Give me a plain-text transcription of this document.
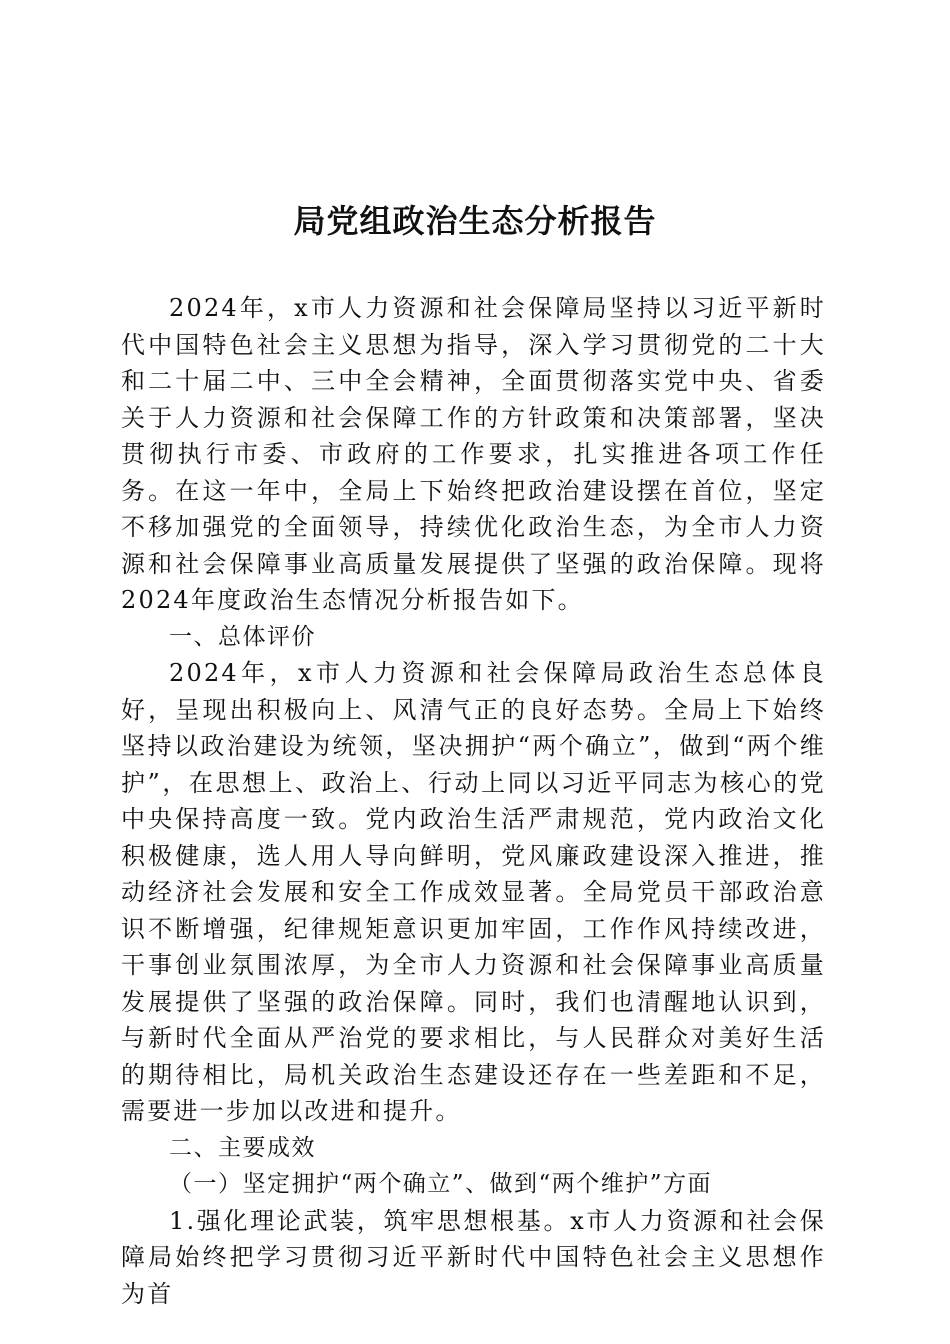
局党组政治生态分析报告

2024年，x市人力资源和社会保障局坚持以习近平新时代中国特色社会主义思想为指导，深入学习贯彻党的二十大和二十届二中、三中全会精神，全面贯彻落实党中央、省委关于人力资源和社会保障工作的方针政策和决策部署，坚决贯彻执行市委、市政府的工作要求，扎实推进各项工作任务。在这一年中，全局上下始终把政治建设摆在首位，坚定不移加强党的全面领导，持续优化政治生态，为全市人力资源和社会保障事业高质量发展提供了坚强的政治保障。现将2024年度政治生态情况分析报告如下。

一、总体评价

2024年，x市人力资源和社会保障局政治生态总体良好，呈现出积极向上、风清气正的良好态势。全局上下始终坚持以政治建设为统领，坚决拥护“两个确立”，做到“两个维护”，在思想上、政治上、行动上同以习近平同志为核心的党中央保持高度一致。党内政治生活严肃规范，党内政治文化积极健康，选人用人导向鲜明，党风廉政建设深入推进，推动经济社会发展和安全工作成效显著。全局党员干部政治意识不断增强，纪律规矩意识更加牢固，工作作风持续改进，干事创业氛围浓厚，为全市人力资源和社会保障事业高质量发展提供了坚强的政治保障。同时，我们也清醒地认识到，与新时代全面从严治党的要求相比，与人民群众对美好生活的期待相比，局机关政治生态建设还存在一些差距和不足，需要进一步加以改进和提升。

二、主要成效

（一）坚定拥护“两个确立”、做到“两个维护”方面

1.强化理论武装，筑牢思想根基。x市人力资源和社会保障局始终把学习贯彻习近平新时代中国特色社会主义思想作为首
